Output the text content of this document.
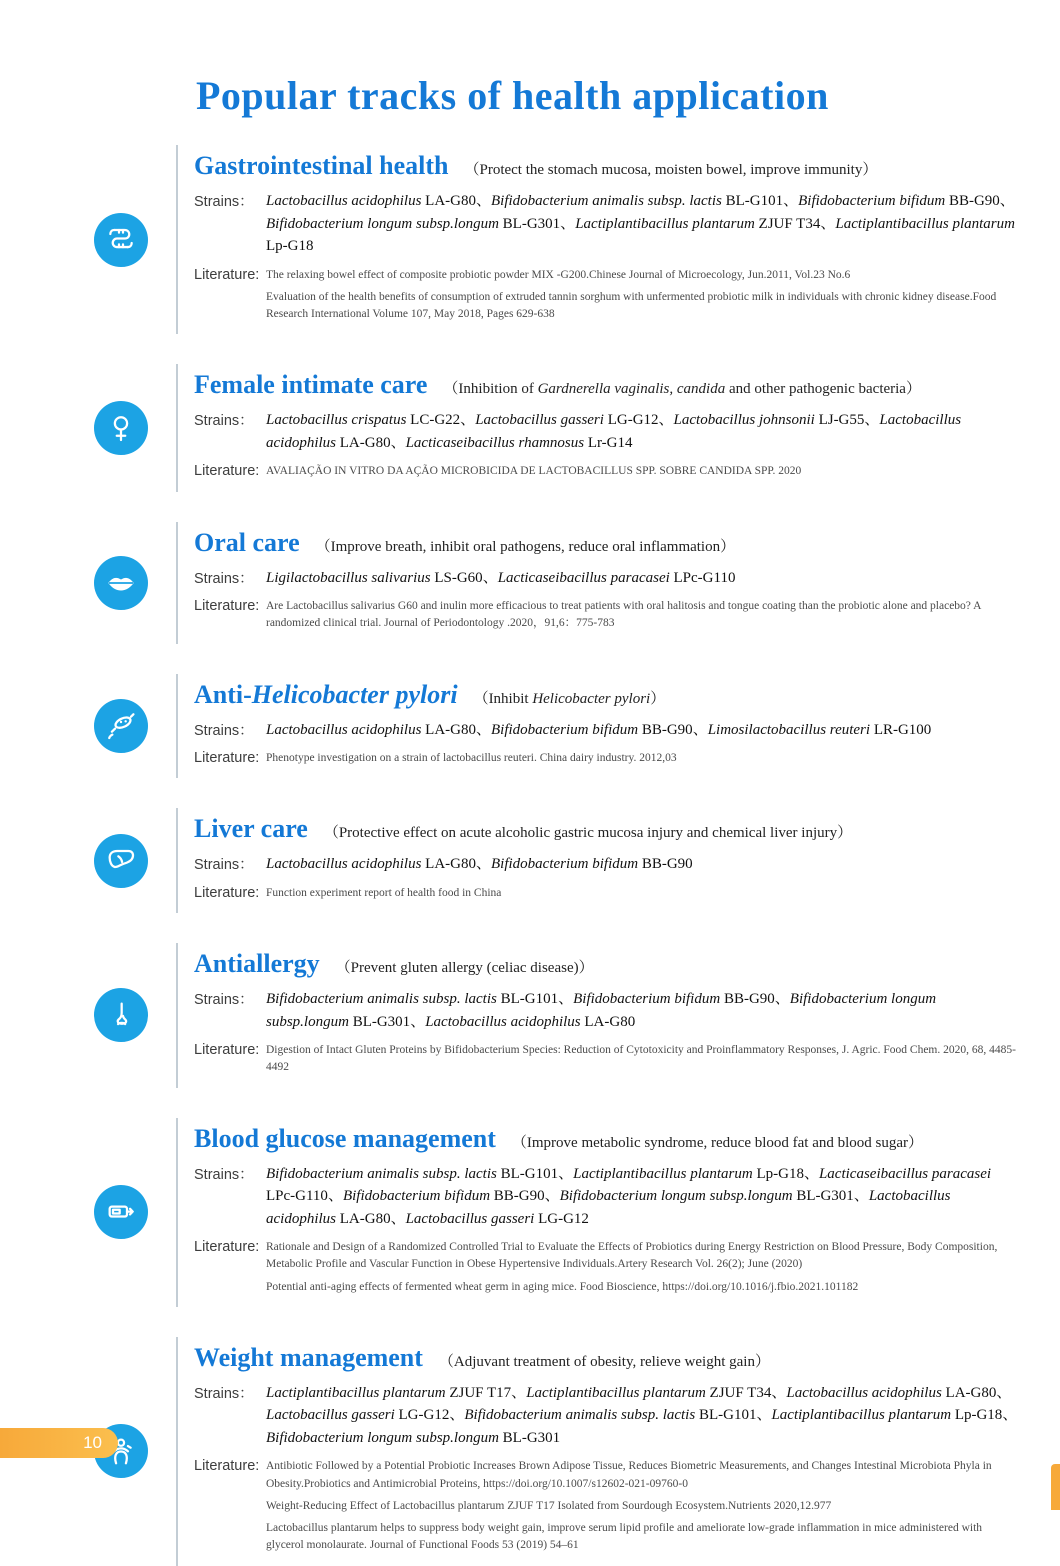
Popular tracks of health application
Gastrointestinal health （Protect the stomach mucosa, moisten bowel, improve immunity）
Strains： Lactobacillus acidophilus LA-G80、Bifidobacterium animalis subsp. lactis BL-G101、Bifidobacterium bifidum BB-G90、Bifidobacterium longum subsp.longum BL-G301、Lactiplantibacillus plantarum ZJUF T34、Lactiplantibacillus plantarum Lp-G18
Literature: The relaxing bowel effect of composite probiotic powder MIX -G200.Chinese Journal of Microecology, Jun.2011, Vol.23 No.6

Evaluation of the health benefits of consumption of extruded tannin sorghum with unfermented probiotic milk in individuals with chronic kidney disease.Food Research International Volume 107, May 2018, Pages 629-638

Female intimate care （Inhibition of Gardnerella vaginalis, candida and other pathogenic bacteria）
Strains： Lactobacillus crispatus LC-G22、Lactobacillus gasseri LG-G12、Lactobacillus johnsonii LJ-G55、Lactobacillus acidophilus LA-G80、Lacticaseibacillus rhamnosus Lr-G14
Literature: AVALIAÇÃO IN VITRO DA AÇÃO MICROBICIDA DE LACTOBACILLUS SPP. SOBRE CANDIDA SPP. 2020

Oral care （Improve breath, inhibit oral pathogens, reduce oral inflammation）
Strains： Ligilactobacillus salivarius LS-G60、Lacticaseibacillus paracasei LPc-G110
Literature: Are Lactobacillus salivarius G60 and inulin more efficacious to treat patients with oral halitosis and tongue coating than the probiotic alone and placebo? A randomized clinical trial. Journal of Periodontology .2020，91,6：775-783

Anti-Helicobacter pylori （Inhibit Helicobacter pylori）
Strains： Lactobacillus acidophilus LA-G80、Bifidobacterium bifidum BB-G90、Limosilactobacillus reuteri LR-G100
Literature: Phenotype investigation on a strain of lactobacillus reuteri. China dairy industry. 2012,03

Liver care （Protective effect on acute alcoholic gastric mucosa injury and chemical liver injury）
Strains： Lactobacillus acidophilus LA-G80、Bifidobacterium bifidum BB-G90
Literature: Function experiment report of health food in China

Antiallergy （Prevent gluten allergy (celiac disease)）
Strains： Bifidobacterium animalis subsp. lactis BL-G101、Bifidobacterium bifidum BB-G90、Bifidobacterium longum subsp.longum BL-G301、Lactobacillus acidophilus LA-G80
Literature: Digestion of Intact Gluten Proteins by Bifidobacterium Species: Reduction of Cytotoxicity and Proinflammatory Responses, J. Agric. Food Chem. 2020, 68, 4485-4492

Blood glucose management （Improve metabolic syndrome, reduce blood fat and blood sugar）
Strains： Bifidobacterium animalis subsp. lactis BL-G101、Lactiplantibacillus plantarum Lp-G18、Lacticaseibacillus paracasei LPc-G110、Bifidobacterium bifidum BB-G90、Bifidobacterium longum subsp.longum BL-G301、Lactobacillus acidophilus LA-G80、Lactobacillus gasseri LG-G12
Literature: Rationale and Design of a Randomized Controlled Trial to Evaluate the Effects of Probiotics during Energy Restriction on Blood Pressure, Body Composition, Metabolic Profile and Vascular Function in Obese Hypertensive Individuals.Artery Research Vol. 26(2); June (2020)

Potential anti-aging effects of fermented wheat germ in aging mice. Food Bioscience, https://doi.org/10.1016/j.fbio.2021.101182

Weight management （Adjuvant treatment of obesity, relieve weight gain）
Strains： Lactiplantibacillus plantarum ZJUF T17、Lactiplantibacillus plantarum ZJUF T34、Lactobacillus acidophilus LA-G80、Lactobacillus gasseri LG-G12、Bifidobacterium animalis subsp. lactis BL-G101、Lactiplantibacillus plantarum Lp-G18、Bifidobacterium longum subsp.longum BL-G301
Literature: Antibiotic Followed by a Potential Probiotic Increases Brown Adipose Tissue, Reduces Biometric Measurements, and Changes Intestinal Microbiota Phyla in Obesity.Probiotics and Antimicrobial Proteins, https://doi.org/10.1007/s12602-021-09760-0

Weight-Reducing Effect of Lactobacillus plantarum ZJUF T17 Isolated from Sourdough Ecosystem.Nutrients 2020,12.977

Lactobacillus plantarum helps to suppress body weight gain, improve serum lipid profile and ameliorate low-grade inflammation in mice administered with glycerol monolaurate. Journal of Functional Foods 53 (2019) 54–61

10
